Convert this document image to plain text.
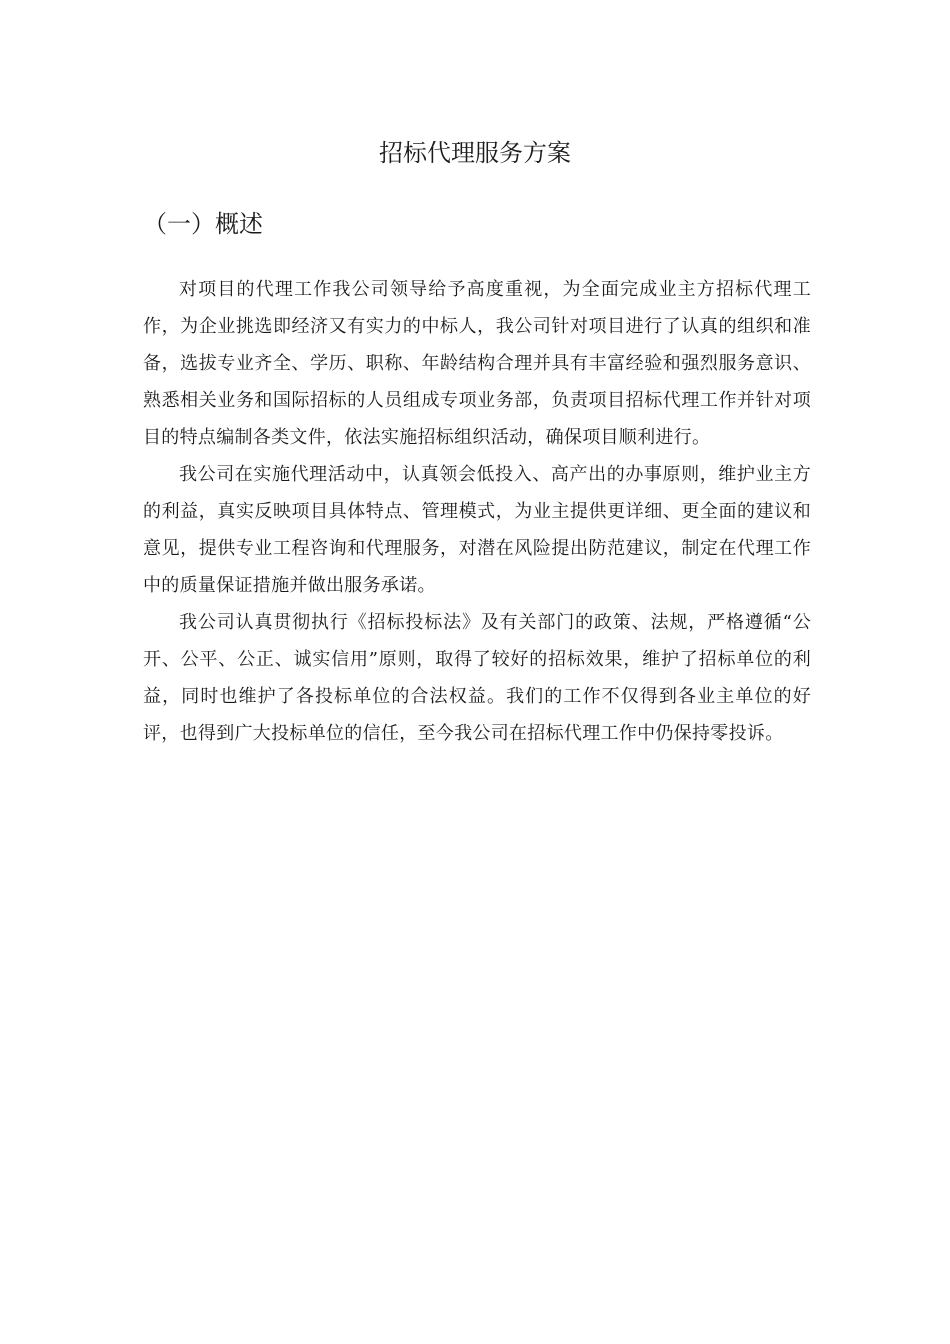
招标代理服务方案
（一）概述

对项目的代理工作我公司领导给予高度重视，为全面完成业主方招标代理工作，为企业挑选即经济又有实力的中标人，我公司针对项目进行了认真的组织和准备，选拔专业齐全、学历、职称、年龄结构合理并具有丰富经验和强烈服务意识、熟悉相关业务和国际招标的人员组成专项业务部，负责项目招标代理工作并针对项目的特点编制各类文件，依法实施招标组织活动，确保项目顺利进行。

我公司在实施代理活动中，认真领会低投入、高产出的办事原则，维护业主方的利益，真实反映项目具体特点、管理模式，为业主提供更详细、更全面的建议和意见，提供专业工程咨询和代理服务，对潜在风险提出防范建议，制定在代理工作中的质量保证措施并做出服务承诺。

我公司认真贯彻执行《招标投标法》及有关部门的政策、法规，严格遵循“公开、公平、公正、诚实信用”原则，取得了较好的招标效果，维护了招标单位的利益，同时也维护了各投标单位的合法权益。我们的工作不仅得到各业主单位的好评，也得到广大投标单位的信任，至今我公司在招标代理工作中仍保持零投诉。
